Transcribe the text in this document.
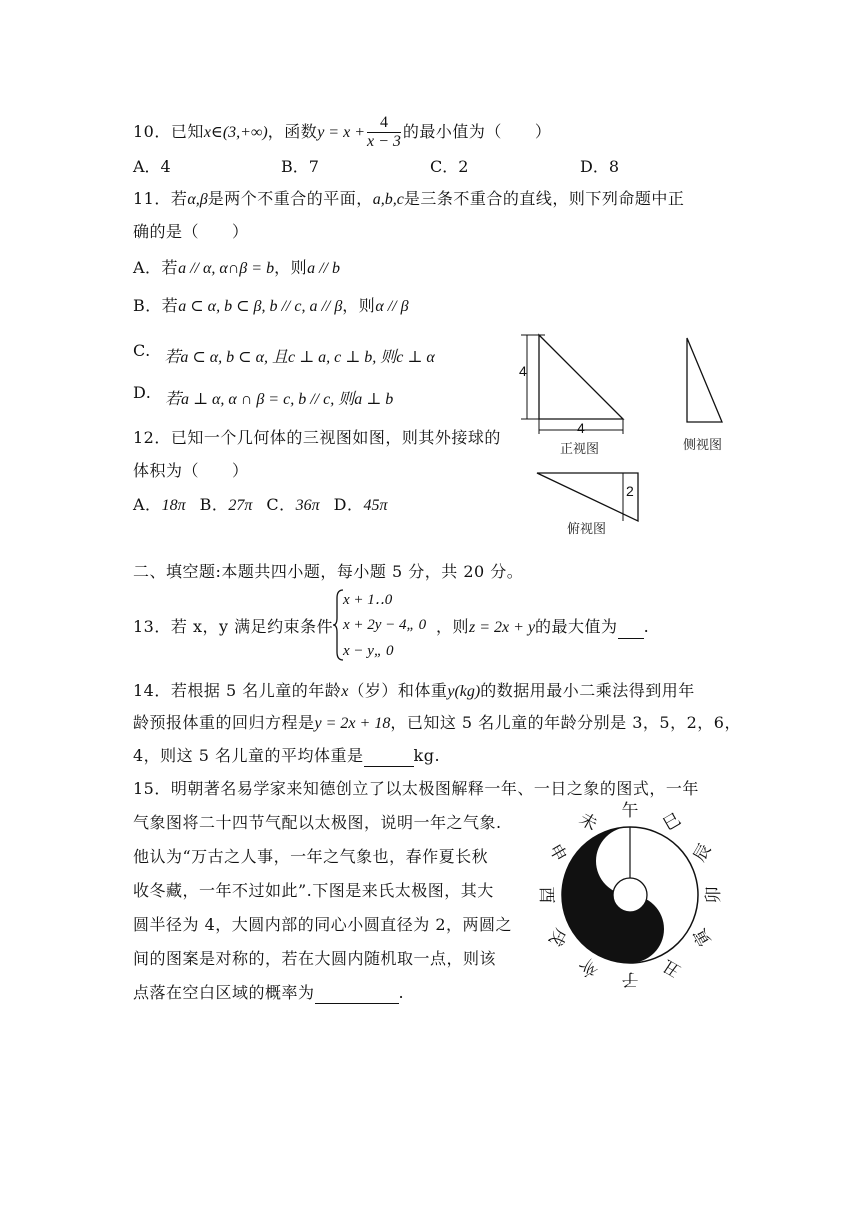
10．已知x∈(3,+∞)，函数$y = x + \frac{4}{x - 3}$ 的最小值为（　　）
A．4	B．7	C．2	D．8
11．若α,β是两个不重合的平面，a,b,c是三条不重合的直线，则下列命题中正
确的是（　　）
A．若a // α, α∩β = b，则a // b
B．若a ⊂ α, b ⊂ β, b // c, a // β，则α // β
C. 若a ⊂ α, b ⊂ α, 且c ⊥ a, c ⊥ b, 则c ⊥ α
D. 若a ⊥ α, α ∩ β = c, b // c, 则a ⊥ b
12．已知一个几何体的三视图如图，则其外接球的
体积为（　　）
A．18π B．27π C．36π D．45π
4
4
2
正视图	侧视图
俯视图
二、填空题:本题共四小题，每小题 5 分，共 20 分。
13．若 x，y 满足约束条件
x + 1‥0
x + 2y − 4„ 0
x − y„ 0
，则z = 2x + y的最大值为 .
14．若根据 5 名儿童的年龄x（岁）和体重y(kg)的数据用最小二乘法得到用年
龄预报体重的回归方程是y = 2x + 18，已知这 5 名儿童的年龄分别是 3，5，2，6，
4，则这 5 名儿童的平均体重是	kg.
15．明朝著名易学家来知德创立了以太极图解释一年、一日之象的图式，一年
气象图将二十四节气配以太极图，说明一年之气象.
他认为“万古之人事，一年之气象也，春作夏长秋
收冬藏，一年不过如此”.下图是来氏太极图，其大
圆半径为 4，大圆内部的同心小圆直径为 2，两圆之
间的图案是对称的，若在大圆内随机取一点，则该
点落在空白区域的概率为	.
子 丑
寅
卯
辰
巳
午
未
申
酉
戌
亥
